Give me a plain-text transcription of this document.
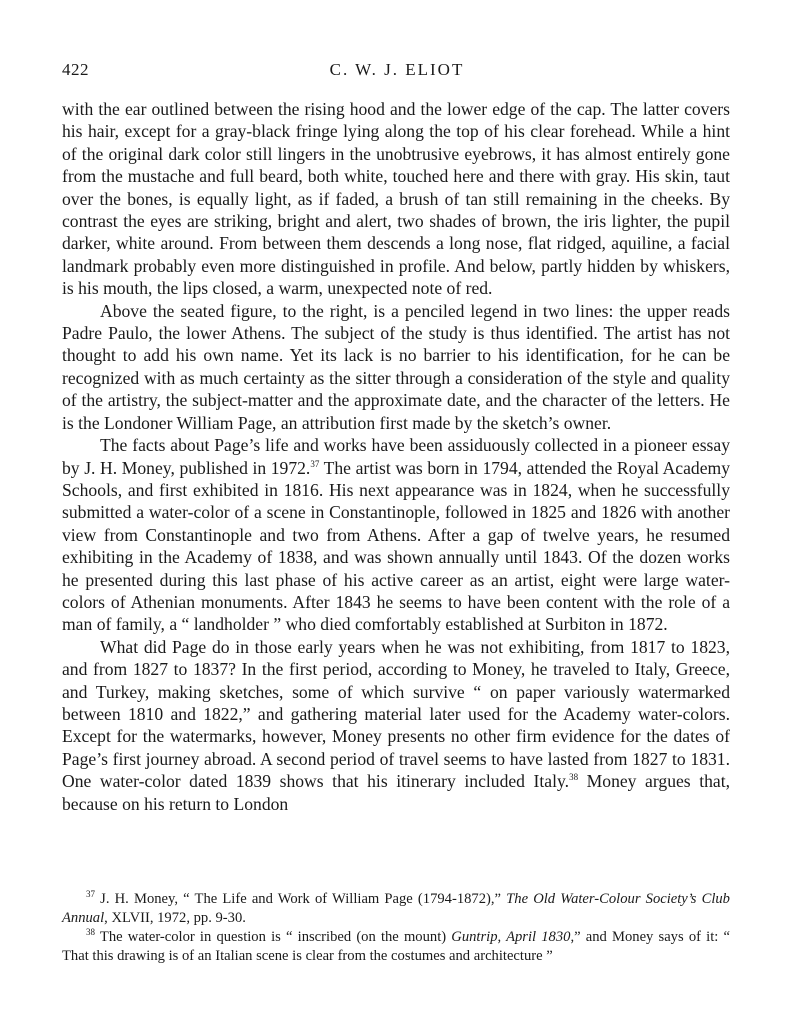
422	C. W. J. ELIOT

with the ear outlined between the rising hood and the lower edge of the cap. The latter covers his hair, except for a gray-black fringe lying along the top of his clear forehead. While a hint of the original dark color still lingers in the unobtrusive eyebrows, it has almost entirely gone from the mustache and full beard, both white, touched here and there with gray. His skin, taut over the bones, is equally light, as if faded, a brush of tan still remaining in the cheeks. By contrast the eyes are striking, bright and alert, two shades of brown, the iris lighter, the pupil darker, white around. From between them descends a long nose, flat ridged, aquiline, a facial landmark probably even more distinguished in profile. And below, partly hidden by whiskers, is his mouth, the lips closed, a warm, unexpected note of red.

Above the seated figure, to the right, is a penciled legend in two lines: the upper reads Padre Paulo, the lower Athens. The subject of the study is thus identified. The artist has not thought to add his own name. Yet its lack is no barrier to his identification, for he can be recognized with as much certainty as the sitter through a consideration of the style and quality of the artistry, the subject-matter and the approximate date, and the character of the letters. He is the Londoner William Page, an attribution first made by the sketch’s owner.

The facts about Page’s life and works have been assiduously collected in a pioneer essay by J. H. Money, published in 1972.37 The artist was born in 1794, attended the Royal Academy Schools, and first exhibited in 1816. His next appearance was in 1824, when he successfully submitted a water-color of a scene in Constantinople, followed in 1825 and 1826 with another view from Constantinople and two from Athens. After a gap of twelve years, he resumed exhibiting in the Academy of 1838, and was shown annually until 1843. Of the dozen works he presented during this last phase of his active career as an artist, eight were large water-colors of Athenian monuments. After 1843 he seems to have been content with the role of a man of family, a “ landholder ” who died comfortably established at Surbiton in 1872.

What did Page do in those early years when he was not exhibiting, from 1817 to 1823, and from 1827 to 1837? In the first period, according to Money, he traveled to Italy, Greece, and Turkey, making sketches, some of which survive “ on paper variously watermarked between 1810 and 1822,” and gathering material later used for the Academy water-colors. Except for the watermarks, however, Money presents no other firm evidence for the dates of Page’s first journey abroad. A second period of travel seems to have lasted from 1827 to 1831. One water-color dated 1839 shows that his itinerary included Italy.$^{38}$ Money argues that, because on his return to London

$^{37}$ J. H. Money, “ The Life and Work of William Page (1794-1872),” The Old Water-Colour Society’s Club Annual, XLVII, 1972, pp. 9-30.

$^{38}$ The water-color in question is “ inscribed (on the mount) Guntrip, April 1830,” and Money says of it: “ That this drawing is of an Italian scene is clear from the costumes and architecture ”
